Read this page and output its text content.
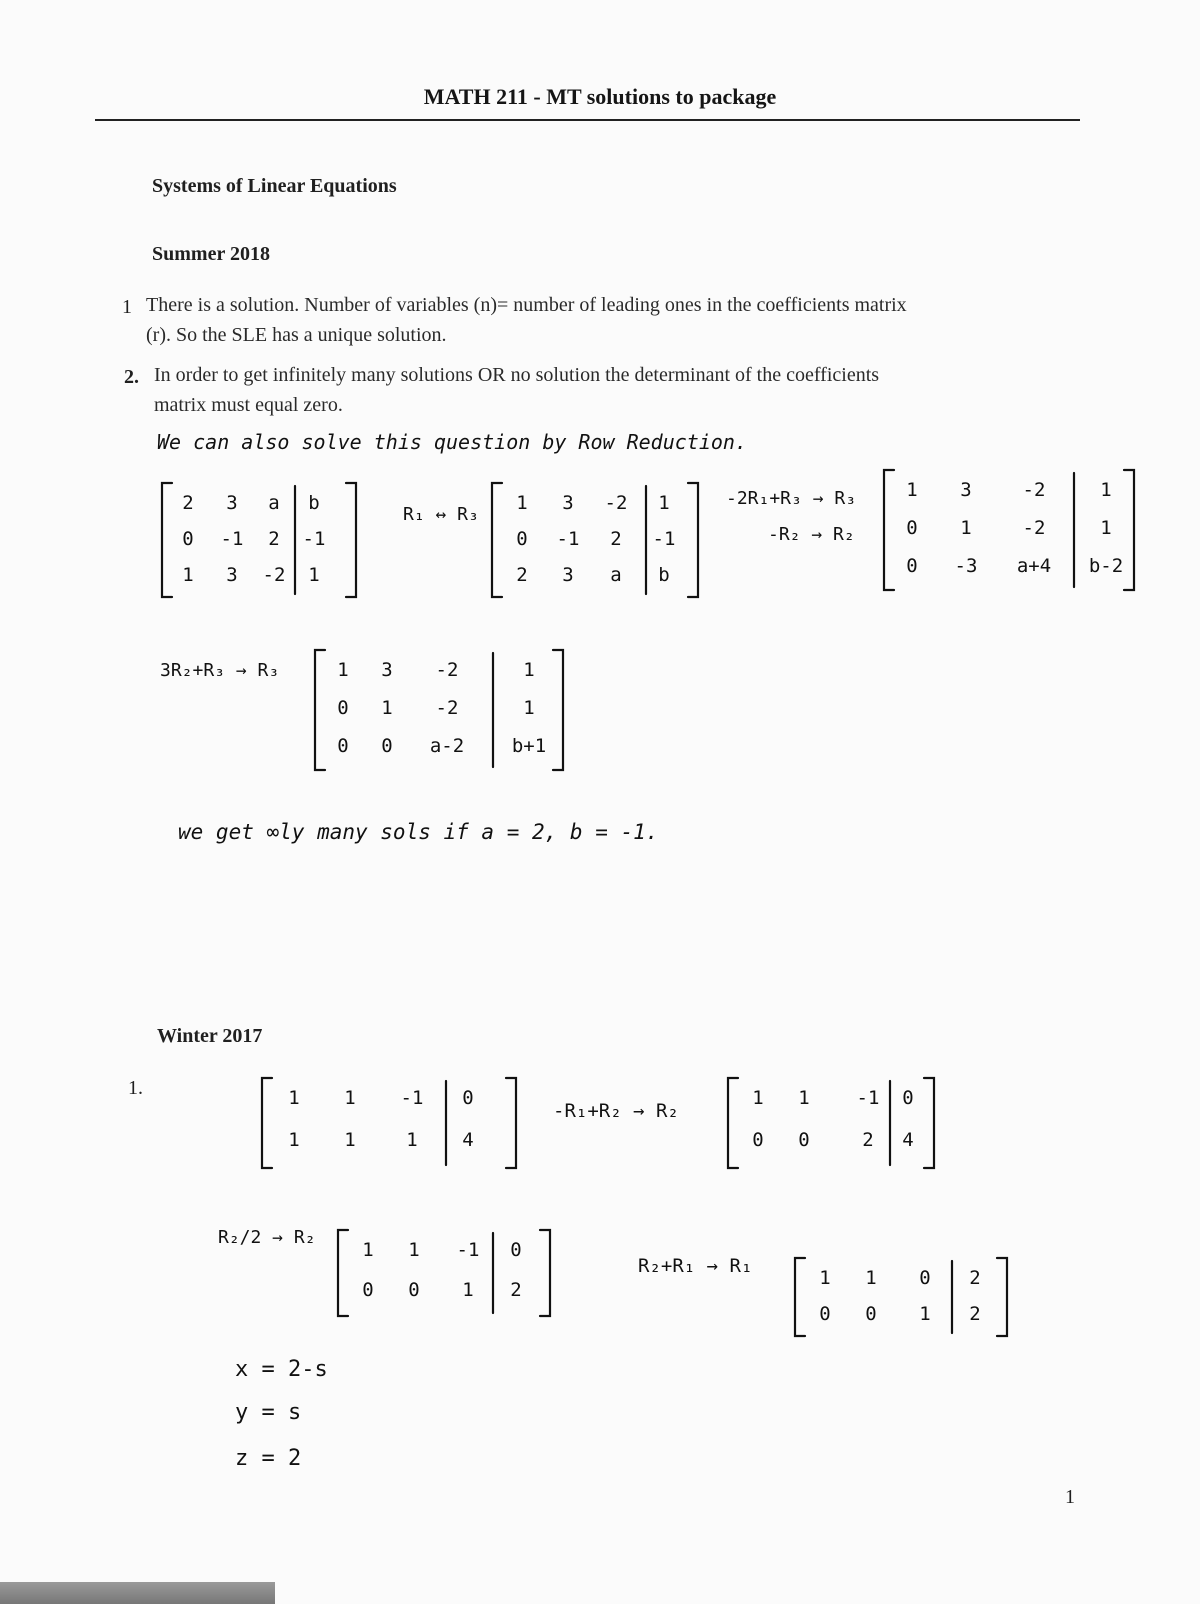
MATH 211 - MT solutions to package
Systems of Linear Equations
Summer 2018
1 There is a solution. Number of variables (n)= number of leading ones in the coefficients matrix
(r). So the SLE has a unique solution.
2. In order to get infinitely many solutions OR no solution the determinant of the coefficients
matrix must equal zero.
We can also solve this question by Row Reduction.
R₁ ↔ R₃
-2R₁+R₃ → R₃
-R₂ → R₂
3R₂+R₃ → R₃
we get ∞ly many sols if a = 2, b = -1.
Winter 2017
1.
-R₁+R₂ → R₂
R₂/2 → R₂
R₂+R₁ → R₁
x = 2-s
y = s
z = 2
1
2 3 a b
0 -1 2 -1
1 3 -2 1
1 3 -2 1
0 -1 2 -1
2 3 a b
1 3	-2	1
0 1	-2	1
0 -3 a+4 b-2
1 3 -2	1
0 1 -2	1
0 0 a-2	b+1
1 1 -1 0
1 1	1 4
1 1 -1 0
0 0	2 4
1 1 -1 0
0 0 1 2
1 1 0 2
0 0 1 2
